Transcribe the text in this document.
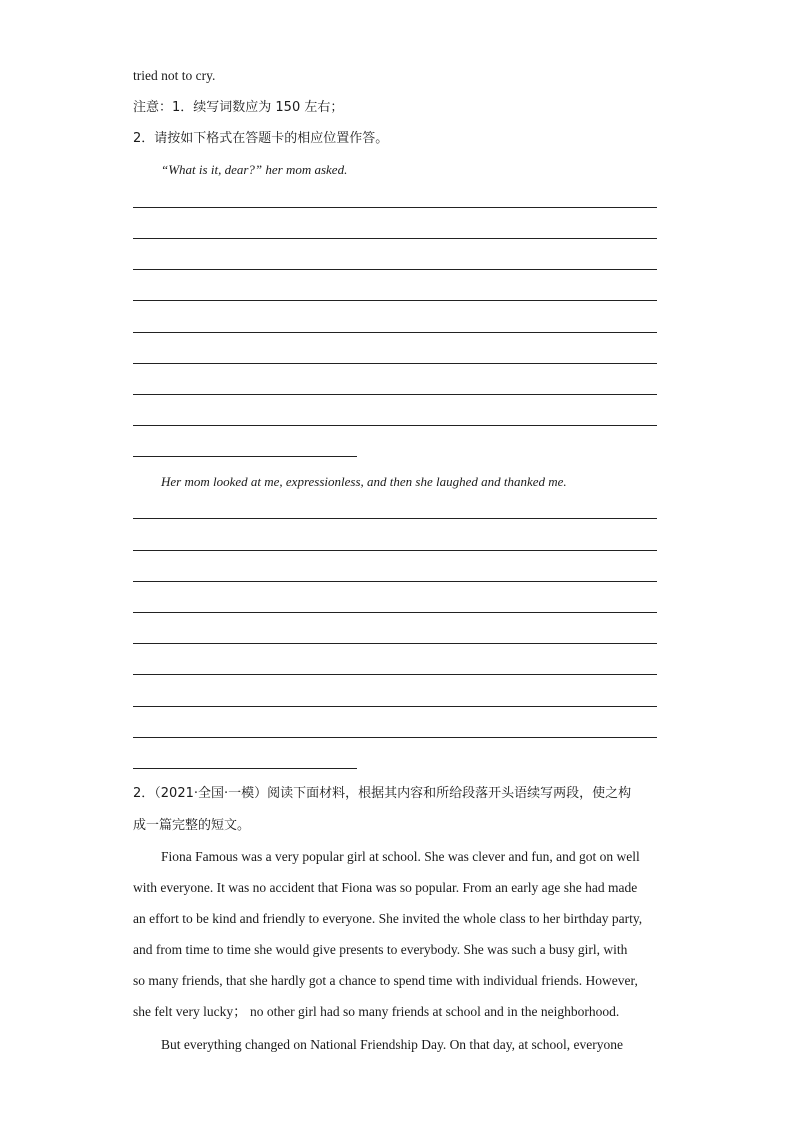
tried not to cry.
注意：1．续写词数应为 150 左右；
2．请按如下格式在答题卡的相应位置作答。
“What is it, dear?” her mom asked.
Her mom looked at me, expressionless, and then she laughed and thanked me.
2．（2021·全国·一模）阅读下面材料，根据其内容和所给段落开头语续写两段，使之构
成一篇完整的短文。
Fiona Famous was a very popular girl at school. She was clever and fun, and got on well
with everyone. It was no accident that Fiona was so popular. From an early age she had made
an effort to be kind and friendly to everyone. She invited the whole class to her birthday party,
and from time to time she would give presents to everybody. She was such a busy girl, with
so many friends, that she hardly got a chance to spend time with individual friends. However,
she felt very lucky； no other girl had so many friends at school and in the neighborhood.
But everything changed on National Friendship Day. On that day, at school, everyone
